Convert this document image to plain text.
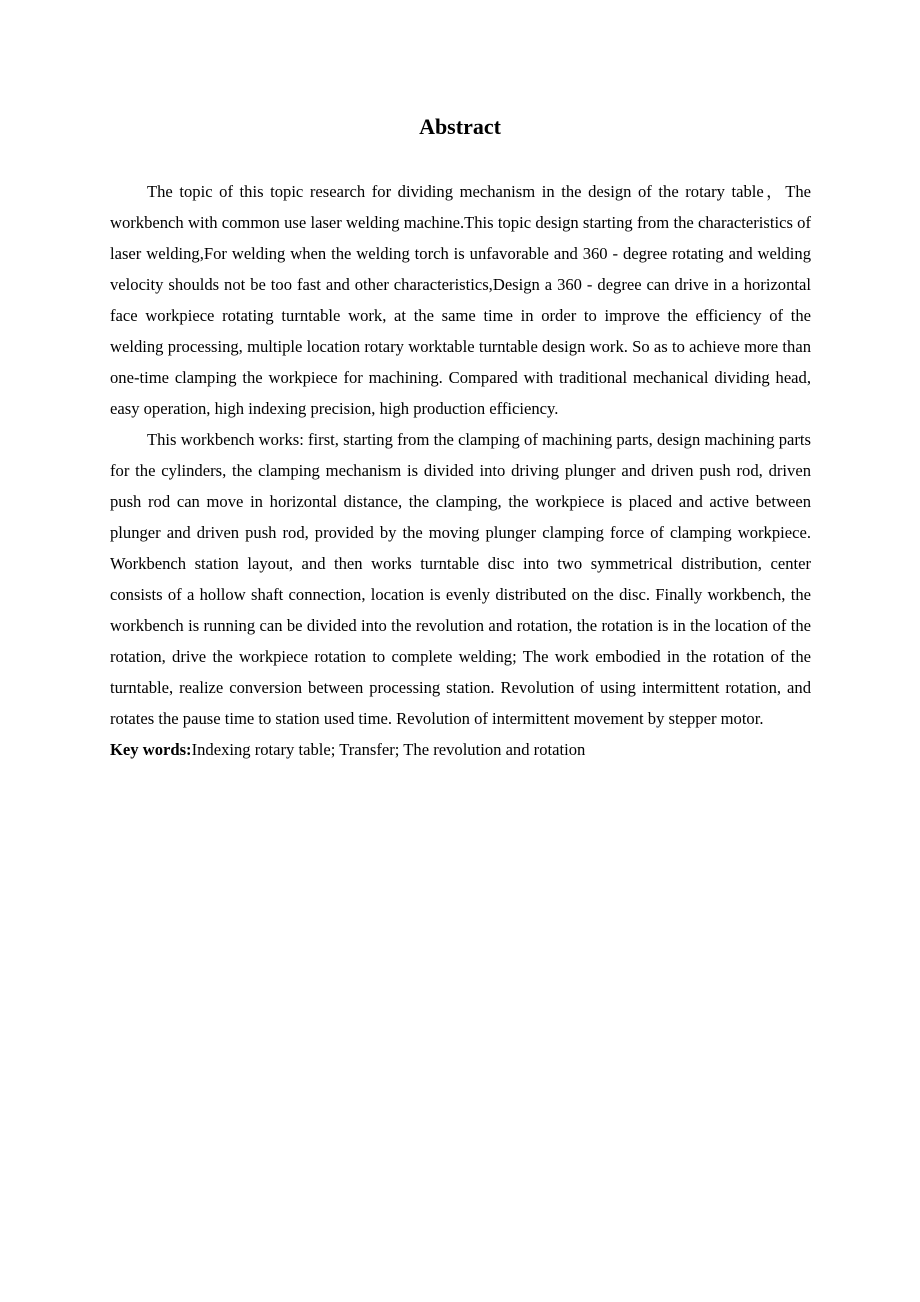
Abstract

The topic of this topic research for dividing mechanism in the design of the rotary table，The workbench with common use laser welding machine.This topic design starting from the characteristics of laser welding,For welding when the welding torch is unfavorable and 360 - degree rotating and welding velocity shoulds not be too fast and other characteristics,Design a 360 - degree can drive in a horizontal face workpiece rotating turntable work, at the same time in order to improve the efficiency of the welding processing, multiple location rotary worktable turntable design work. So as to achieve more than one-time clamping the workpiece for machining. Compared with traditional mechanical dividing head, easy operation, high indexing precision, high production efficiency.

This workbench works: first, starting from the clamping of machining parts, design machining parts for the cylinders, the clamping mechanism is divided into driving plunger and driven push rod, driven push rod can move in horizontal distance, the clamping, the workpiece is placed and active between plunger and driven push rod, provided by the moving plunger clamping force of clamping workpiece. Workbench station layout, and then works turntable disc into two symmetrical distribution, center consists of a hollow shaft connection, location is evenly distributed on the disc. Finally workbench, the workbench is running can be divided into the revolution and rotation, the rotation is in the location of the rotation, drive the workpiece rotation to complete welding; The work embodied in the rotation of the turntable, realize conversion between processing station. Revolution of using intermittent rotation, and rotates the pause time to station used time. Revolution of intermittent movement by stepper motor.

Key words:Indexing rotary table; Transfer; The revolution and rotation
